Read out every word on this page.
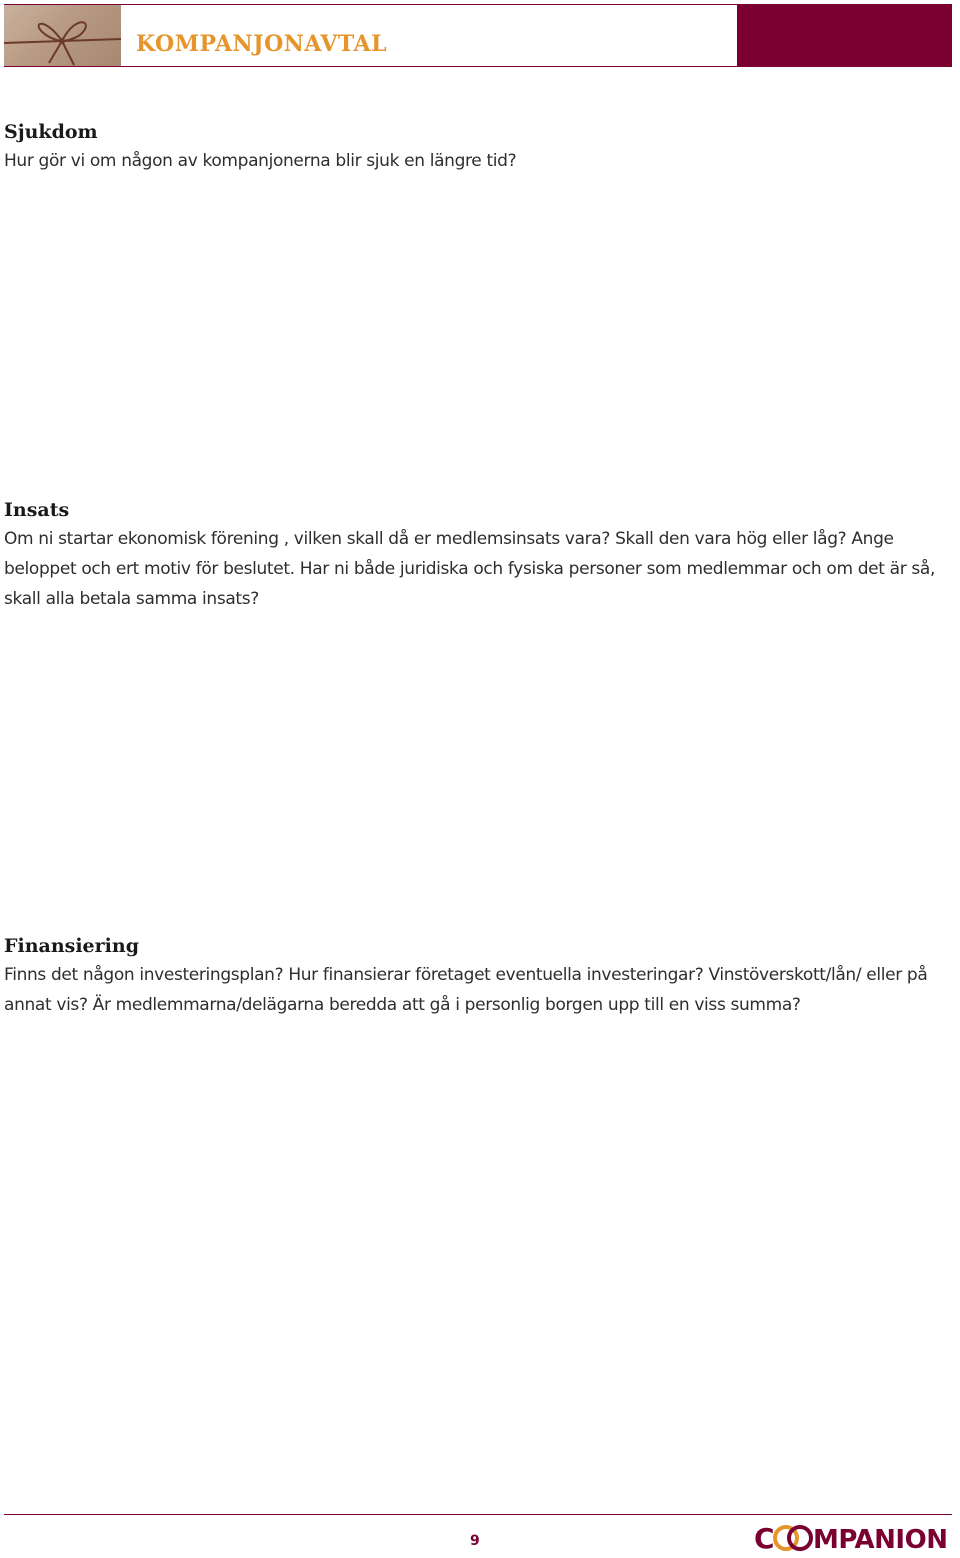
KOMPANJONAVTAL
Sjukdom

Hur gör vi om någon av kompanjonerna blir sjuk en längre tid?

Insats

Om ni startar ekonomisk förening , vilken skall då er medlemsinsats vara? Skall den vara hög eller låg? Ange beloppet och ert motiv för beslutet. Har ni både juridiska och fysiska personer som medlemmar och om det är så, skall alla betala samma insats?

Finansiering

Finns det någon investeringsplan? Hur finansierar företaget eventuella investeringar? Vinstöverskott/lån/ eller på annat vis? Är medlemmarna/delägarna beredda att gå i personlig borgen upp till en viss summa?

9	C MPANION
